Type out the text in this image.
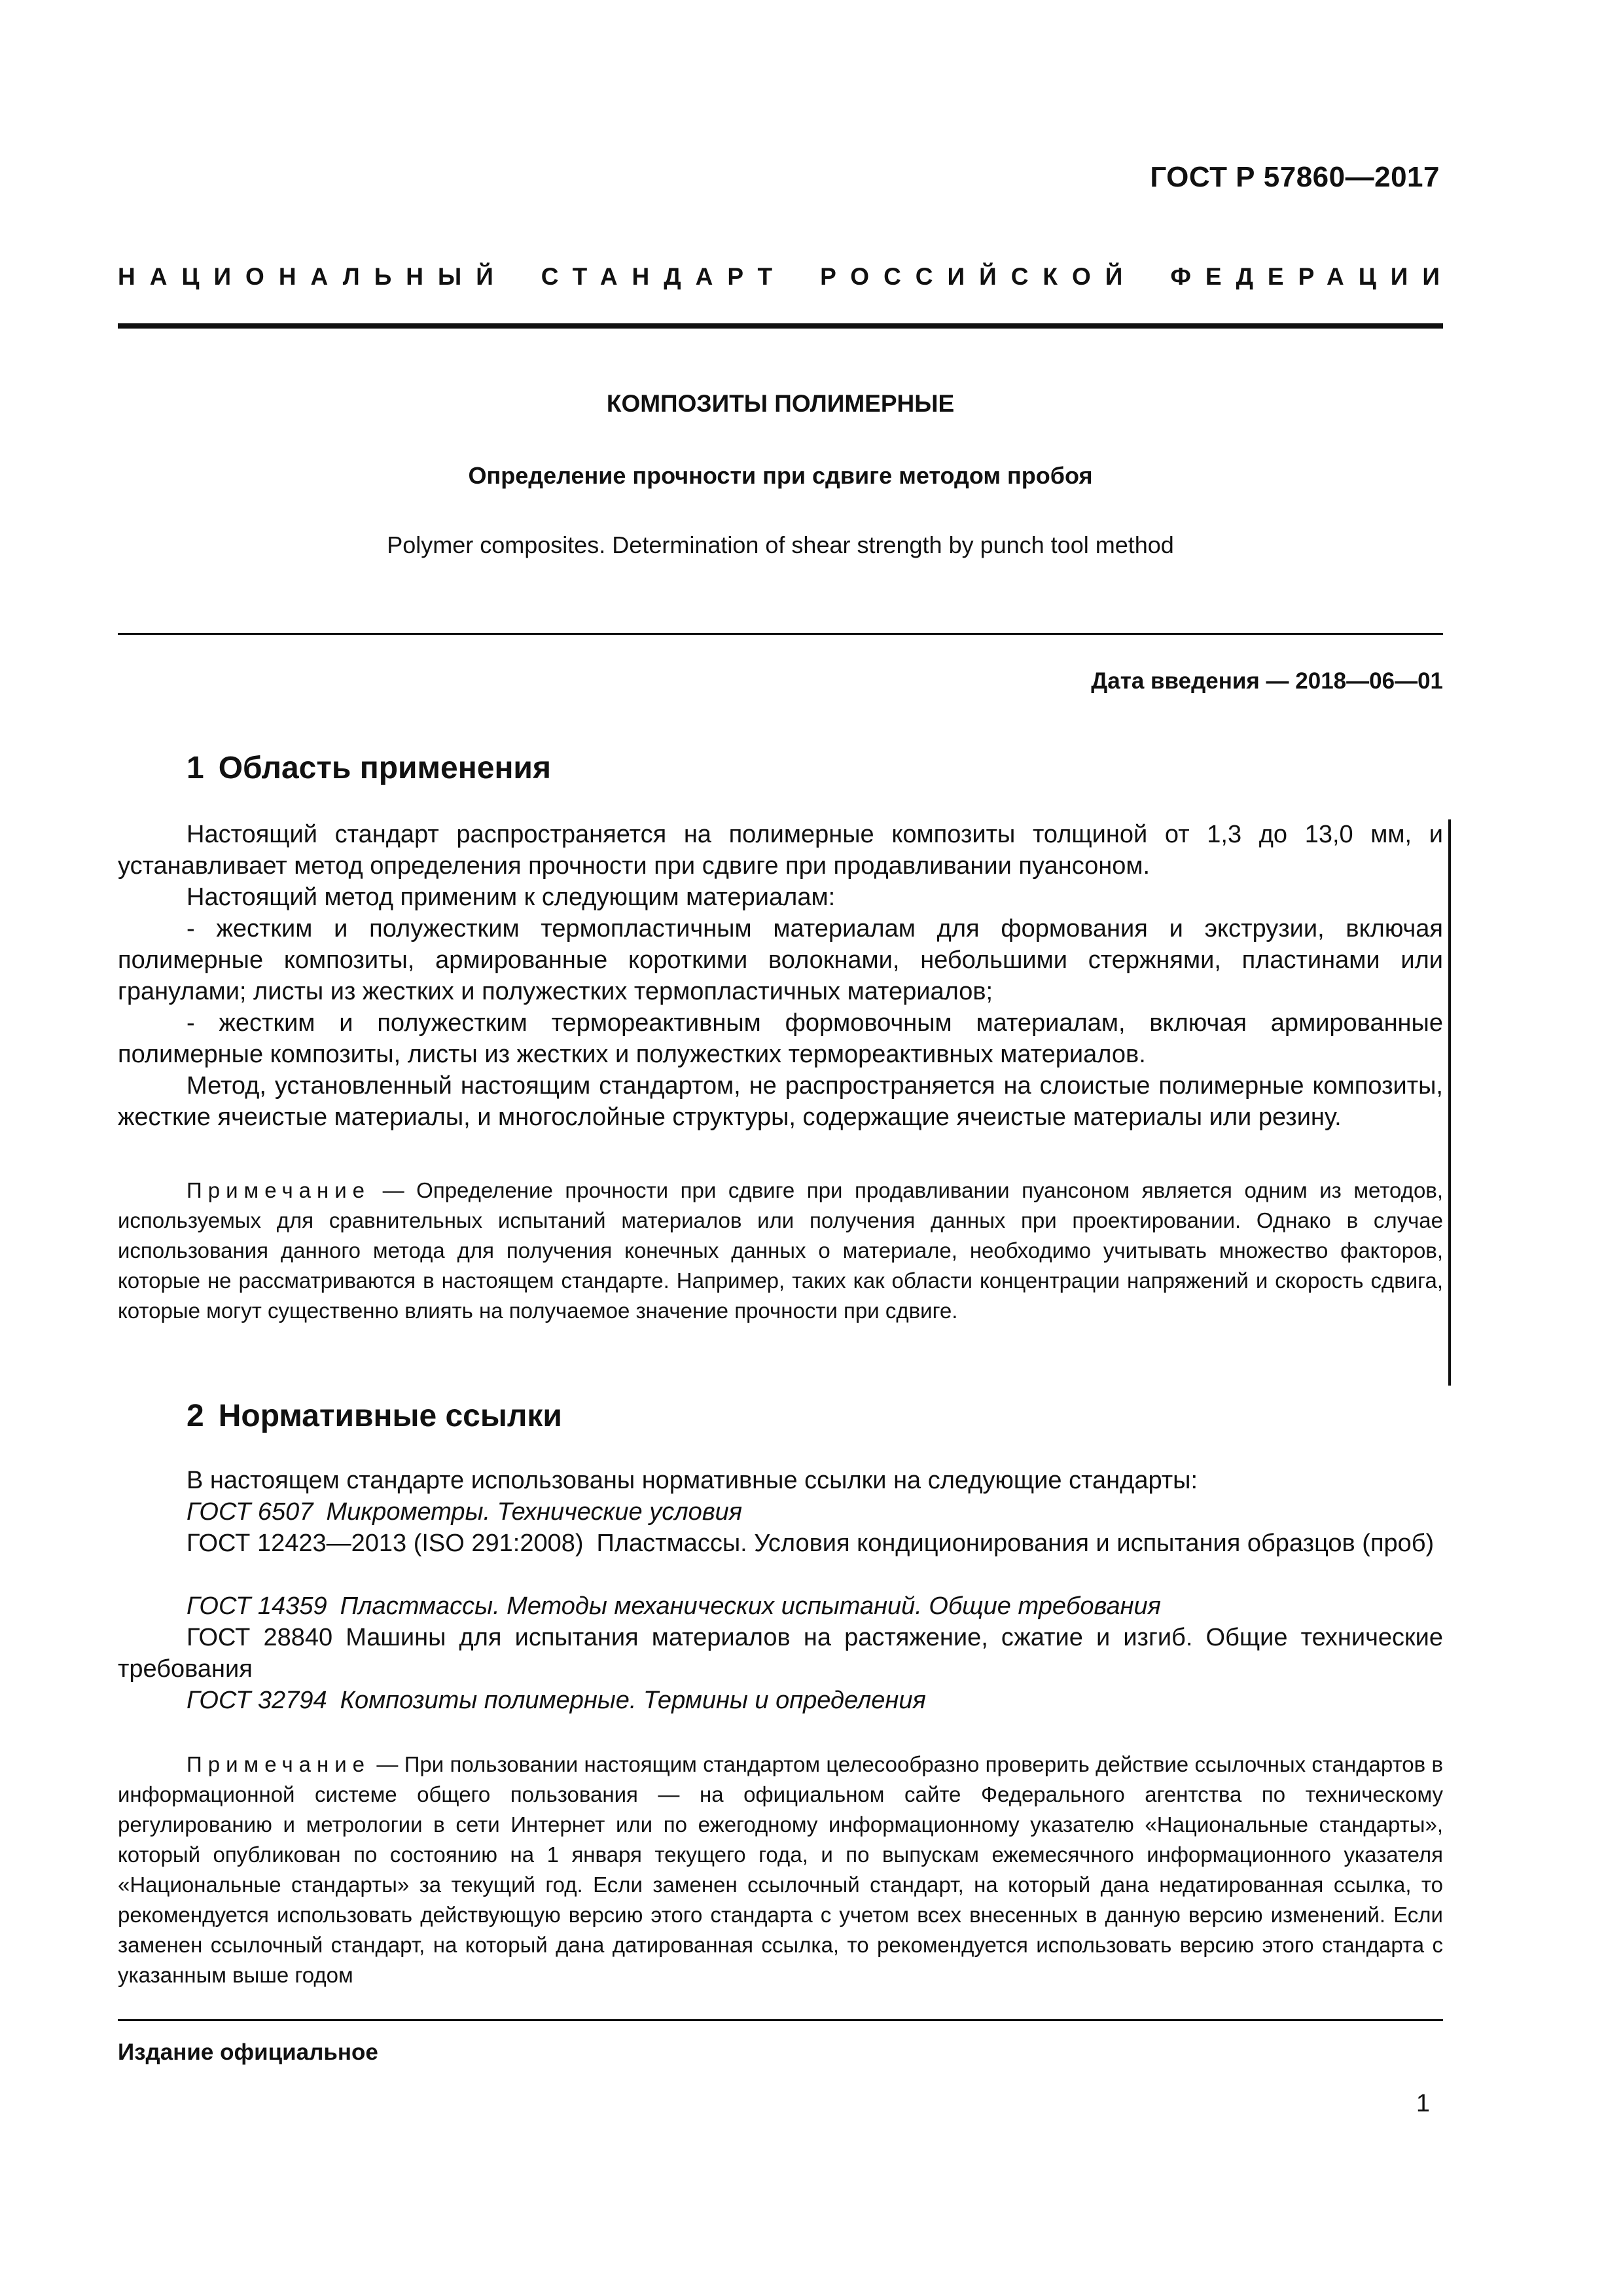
ГОСТ Р 57860—2017
НАЦИОНАЛЬНЫЙ СТАНДАРТ РОССИЙСКОЙ ФЕДЕРАЦИИ
КОМПОЗИТЫ ПОЛИМЕРНЫЕ
Определение прочности при сдвиге методом пробоя
Polymer composites. Determination of shear strength by punch tool method
Дата введения — 2018—06—01
1 Область применения

Настоящий стандарт распространяется на полимерные композиты толщиной от 1,3 до 13,0 мм, и устанавливает метод определения прочности при сдвиге при продавливании пуансоном.

Настоящий метод применим к следующим материалам:

- жестким и полужестким термопластичным материалам для формования и экструзии, включая полимерные композиты, армированные короткими волокнами, небольшими стержнями, пластинами или гранулами; листы из жестких и полужестких термопластичных материалов;

- жестким и полужестким термореактивным формовочным материалам, включая армированные полимерные композиты, листы из жестких и полужестких термореактивных материалов.

Метод, установленный настоящим стандартом, не распространяется на слоистые полимерные композиты, жесткие ячеистые материалы, и многослойные структуры, содержащие ячеистые материалы или резину.

Примечание — Определение прочности при сдвиге при продавливании пуансоном является одним из методов, используемых для сравнительных испытаний материалов или получения данных при проектировании. Однако в случае использования данного метода для получения конечных данных о материале, необходимо учитывать множество факторов, которые не рассматриваются в настоящем стандарте. Например, таких как области концентрации напряжений и скорость сдвига, которые могут существенно влиять на получаемое значение прочности при сдвиге.

2 Нормативные ссылки

В настоящем стандарте использованы нормативные ссылки на следующие стандарты:

ГОСТ 6507 Микрометры. Технические условия

ГОСТ 12423—2013 (ISO 291:2008) Пластмассы. Условия кондиционирования и испытания образцов (проб)

ГОСТ 14359 Пластмассы. Методы механических испытаний. Общие требования

ГОСТ 28840 Машины для испытания материалов на растяжение, сжатие и изгиб. Общие технические требования

ГОСТ 32794 Композиты полимерные. Термины и определения

Примечание — При пользовании настоящим стандартом целесообразно проверить действие ссылочных стандартов в информационной системе общего пользования — на официальном сайте Федерального агентства по техническому регулированию и метрологии в сети Интернет или по ежегодному информационному указателю «Национальные стандарты», который опубликован по состоянию на 1 января текущего года, и по выпускам ежемесячного информационного указателя «Национальные стандарты» за текущий год. Если заменен ссылочный стандарт, на который дана недатированная ссылка, то рекомендуется использовать действующую версию этого стандарта с учетом всех внесенных в данную версию изменений. Если заменен ссылочный стандарт, на который дана датированная ссылка, то рекомендуется использовать версию этого стандарта с указанным выше годом

Издание официальное
1
